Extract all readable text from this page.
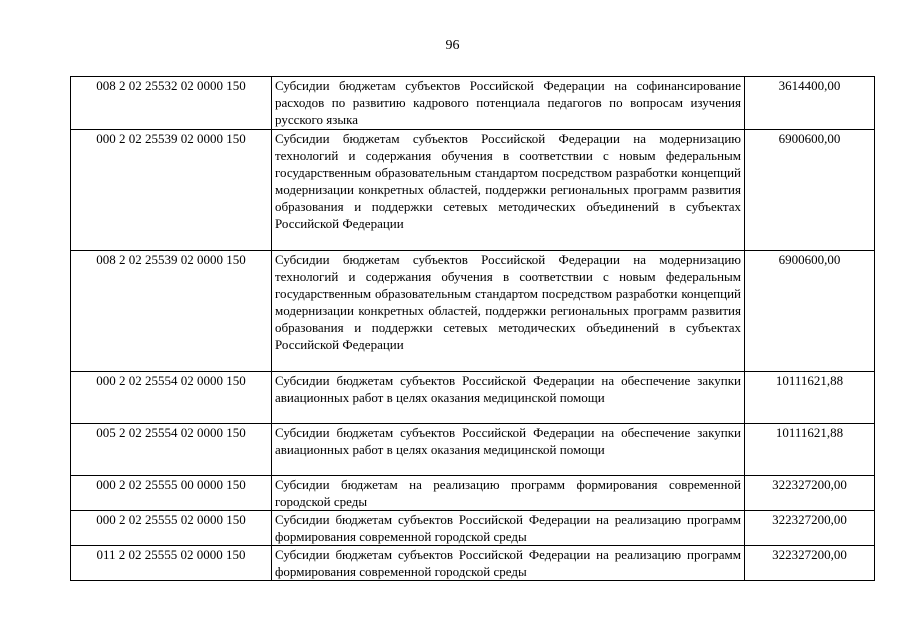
96
008 2 02 25532 02 0000 150	Субсидии бюджетам субъектов Российской Федерации на софинансирование расходов по развитию кадрового потенциала педагогов по вопросам изучения русского языка	3614400,00
000 2 02 25539 02 0000 150	Субсидии бюджетам субъектов Российской Федерации на модернизацию технологий и содержания обучения в соответствии с новым федеральным государственным образовательным стандартом посредством разработки концепций модернизации конкретных областей, поддержки региональных программ развития образования и поддержки сетевых методических объединений в субъектах Российской Федерации	6900600,00
008 2 02 25539 02 0000 150	Субсидии бюджетам субъектов Российской Федерации на модернизацию технологий и содержания обучения в соответствии с новым федеральным государственным образовательным стандартом посредством разработки концепций модернизации конкретных областей, поддержки региональных программ развития образования и поддержки сетевых методических объединений в субъектах Российской Федерации	6900600,00
000 2 02 25554 02 0000 150	Субсидии бюджетам субъектов Российской Федерации на обеспечение закупки авиационных работ в целях оказания медицинской помощи	10111621,88
005 2 02 25554 02 0000 150	Субсидии бюджетам субъектов Российской Федерации на обеспечение закупки авиационных работ в целях оказания медицинской помощи	10111621,88
000 2 02 25555 00 0000 150	Субсидии бюджетам на реализацию программ формирования современной городской среды	322327200,00
000 2 02 25555 02 0000 150	Субсидии бюджетам субъектов Российской Федерации на реализацию программ формирования современной городской среды	322327200,00
011 2 02 25555 02 0000 150	Субсидии бюджетам субъектов Российской Федерации на реализацию программ формирования современной городской среды	322327200,00
